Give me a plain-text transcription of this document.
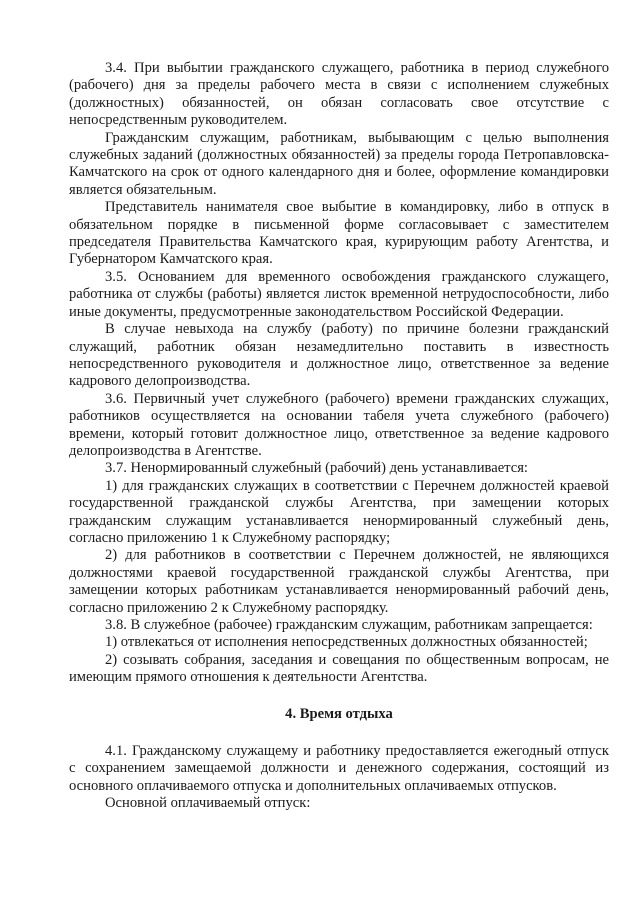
3.4. При выбытии гражданского служащего, работника в период служебного (рабочего) дня за пределы рабочего места в связи с исполнением служебных (должностных) обязанностей, он обязан согласовать свое отсутствие с непосредственным руководителем.

Гражданским служащим, работникам, выбывающим с целью выполнения служебных заданий (должностных обязанностей) за пределы города Петропавловска-Камчатского на срок от одного календарного дня и более, оформление командировки является обязательным.

Представитель нанимателя свое выбытие в командировку, либо в отпуск в обязательном порядке в письменной форме согласовывает с заместителем председателя Правительства Камчатского края, курирующим работу Агентства, и Губернатором Камчатского края.

3.5. Основанием для временного освобождения гражданского служащего, работника от службы (работы) является листок временной нетрудоспособности, либо иные документы, предусмотренные законодательством Российской Федерации.

В случае невыхода на службу (работу) по причине болезни гражданский служащий, работник обязан незамедлительно поставить в известность непосредственного руководителя и должностное лицо, ответственное за ведение кадрового делопроизводства.

3.6. Первичный учет служебного (рабочего) времени гражданских служащих, работников осуществляется на основании табеля учета служебного (рабочего) времени, который готовит должностное лицо, ответственное за ведение кадрового делопроизводства в Агентстве.

3.7. Ненормированный служебный (рабочий) день устанавливается:

1) для гражданских служащих в соответствии с Перечнем должностей краевой государственной гражданской службы Агентства, при замещении которых гражданским служащим устанавливается ненормированный служебный день, согласно приложению 1 к Служебному распорядку;

2) для работников в соответствии с Перечнем должностей, не являющихся должностями краевой государственной гражданской службы Агентства, при замещении которых работникам устанавливается ненормированный рабочий день, согласно приложению 2 к Служебному распорядку.

3.8. В служебное (рабочее) гражданским служащим, работникам запрещается:

1) отвлекаться от исполнения непосредственных должностных обязанностей;

2) созывать собрания, заседания и совещания по общественным вопросам, не имеющим прямого отношения к деятельности Агентства.

4. Время отдыха

4.1. Гражданскому служащему и работнику предоставляется ежегодный отпуск с сохранением замещаемой должности и денежного содержания, состоящий из основного оплачиваемого отпуска и дополнительных оплачиваемых отпусков.

Основной оплачиваемый отпуск:
